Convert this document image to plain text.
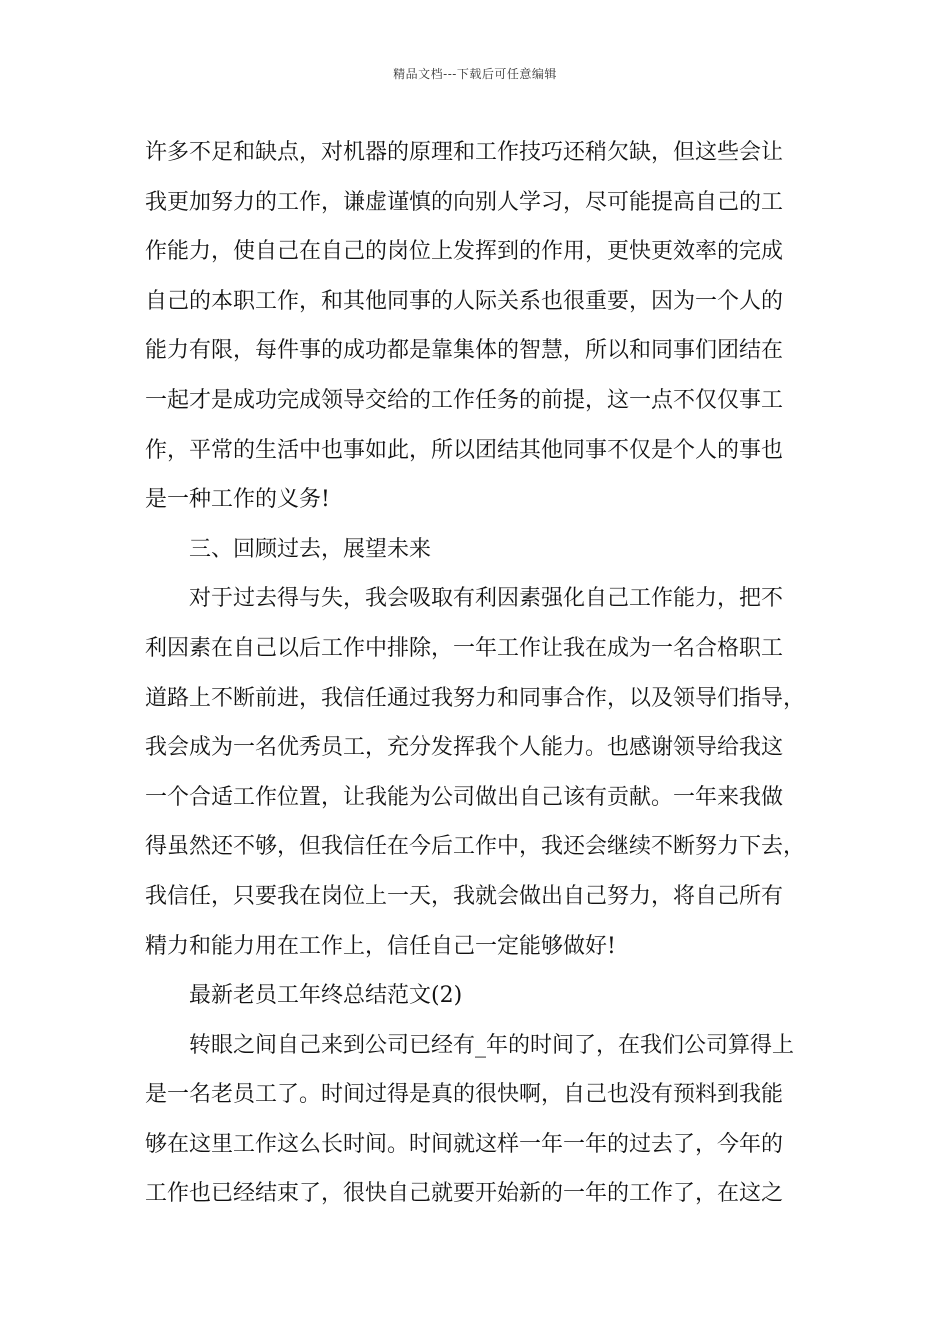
精品文档---下载后可任意编辑
许多不足和缺点，对机器的原理和工作技巧还稍欠缺，但这些会让
我更加努力的工作，谦虚谨慎的向别人学习，尽可能提高自己的工
作能力，使自己在自己的岗位上发挥到的作用，更快更效率的完成
自己的本职工作，和其他同事的人际关系也很重要，因为一个人的
能力有限，每件事的成功都是靠集体的智慧，所以和同事们团结在
一起才是成功完成领导交给的工作任务的前提，这一点不仅仅事工
作，平常的生活中也事如此，所以团结其他同事不仅是个人的事也
是一种工作的义务!
三、回顾过去，展望未来
对于过去得与失，我会吸取有利因素强化自己工作能力，把不
利因素在自己以后工作中排除，一年工作让我在成为一名合格职工
道路上不断前进，我信任通过我努力和同事合作，以及领导们指导，
我会成为一名优秀员工，充分发挥我个人能力。也感谢领导给我这
一个合适工作位置，让我能为公司做出自己该有贡献。一年来我做
得虽然还不够，但我信任在今后工作中，我还会继续不断努力下去，
我信任，只要我在岗位上一天，我就会做出自己努力，将自己所有
精力和能力用在工作上，信任自己一定能够做好!
最新老员工年终总结范文(2)
转眼之间自己来到公司已经有_年的时间了，在我们公司算得上
是一名老员工了。时间过得是真的很快啊，自己也没有预料到我能
够在这里工作这么长时间。时间就这样一年一年的过去了，今年的
工作也已经结束了，很快自己就要开始新的一年的工作了，在这之
